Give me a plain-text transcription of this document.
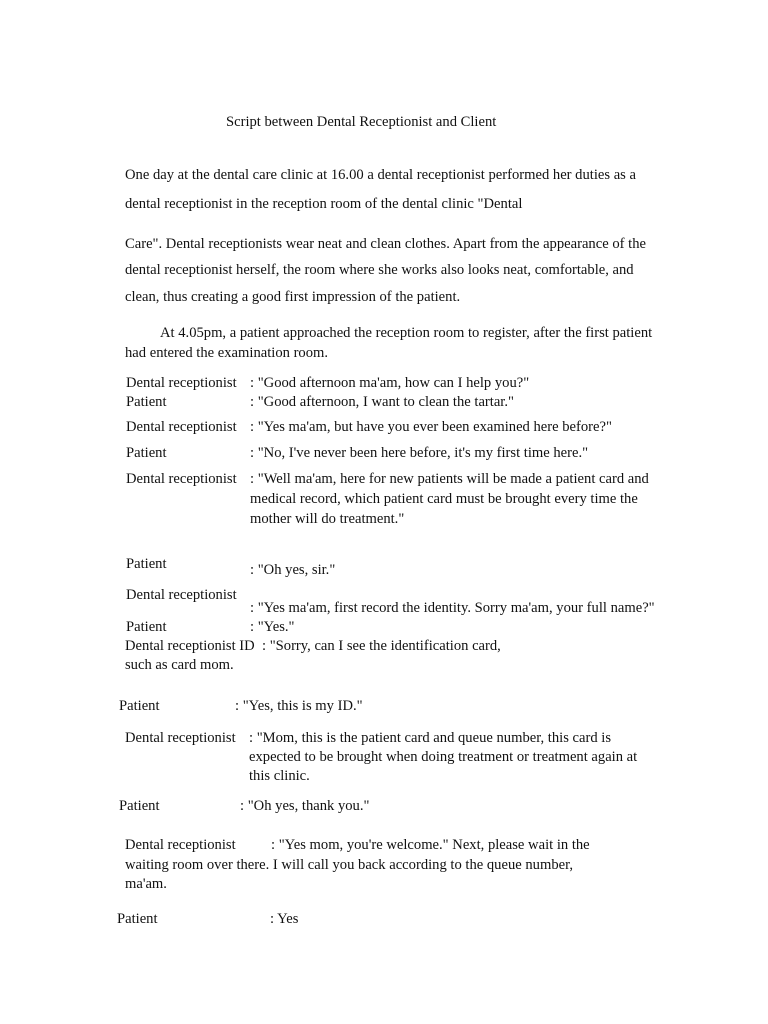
Script between Dental Receptionist and Client
One day at the dental care clinic at 16.00 a dental receptionist performed her duties as a
dental receptionist in the reception room of the dental clinic "Dental
Care". Dental receptionists wear neat and clean clothes. Apart from the appearance of the
dental receptionist herself, the room where she works also looks neat, comfortable, and
clean, thus creating a good first impression of the patient.
At 4.05pm, a patient approached the reception room to register, after the first patient
had entered the examination room.
Dental receptionist : "Good afternoon ma'am, how can I help you?"
Patient	: "Good afternoon, I want to clean the tartar."
Dental receptionist : "Yes ma'am, but have you ever been examined here before?"
Patient	: "No, I've never been here before, it's my first time here."
Dental receptionist : "Well ma'am, here for new patients will be made a patient card and
medical record, which patient card must be brought every time the
mother will do treatment."
Patient	: "Oh yes, sir."
Dental receptionist
: "Yes ma'am, first record the identity. Sorry ma'am, your full name?"
Patient	: "Yes."
Dental receptionist ID : "Sorry, can I see the identification card,
such as card mom.
Patient	: "Yes, this is my ID."
Dental receptionist : "Mom, this is the patient card and queue number, this card is
expected to be brought when doing treatment or treatment again at
this clinic.
Patient	: "Oh yes, thank you."
Dental receptionist : "Yes mom, you're welcome." Next, please wait in the
waiting room over there. I will call you back according to the queue number,
ma'am.
Patient	: Yes
